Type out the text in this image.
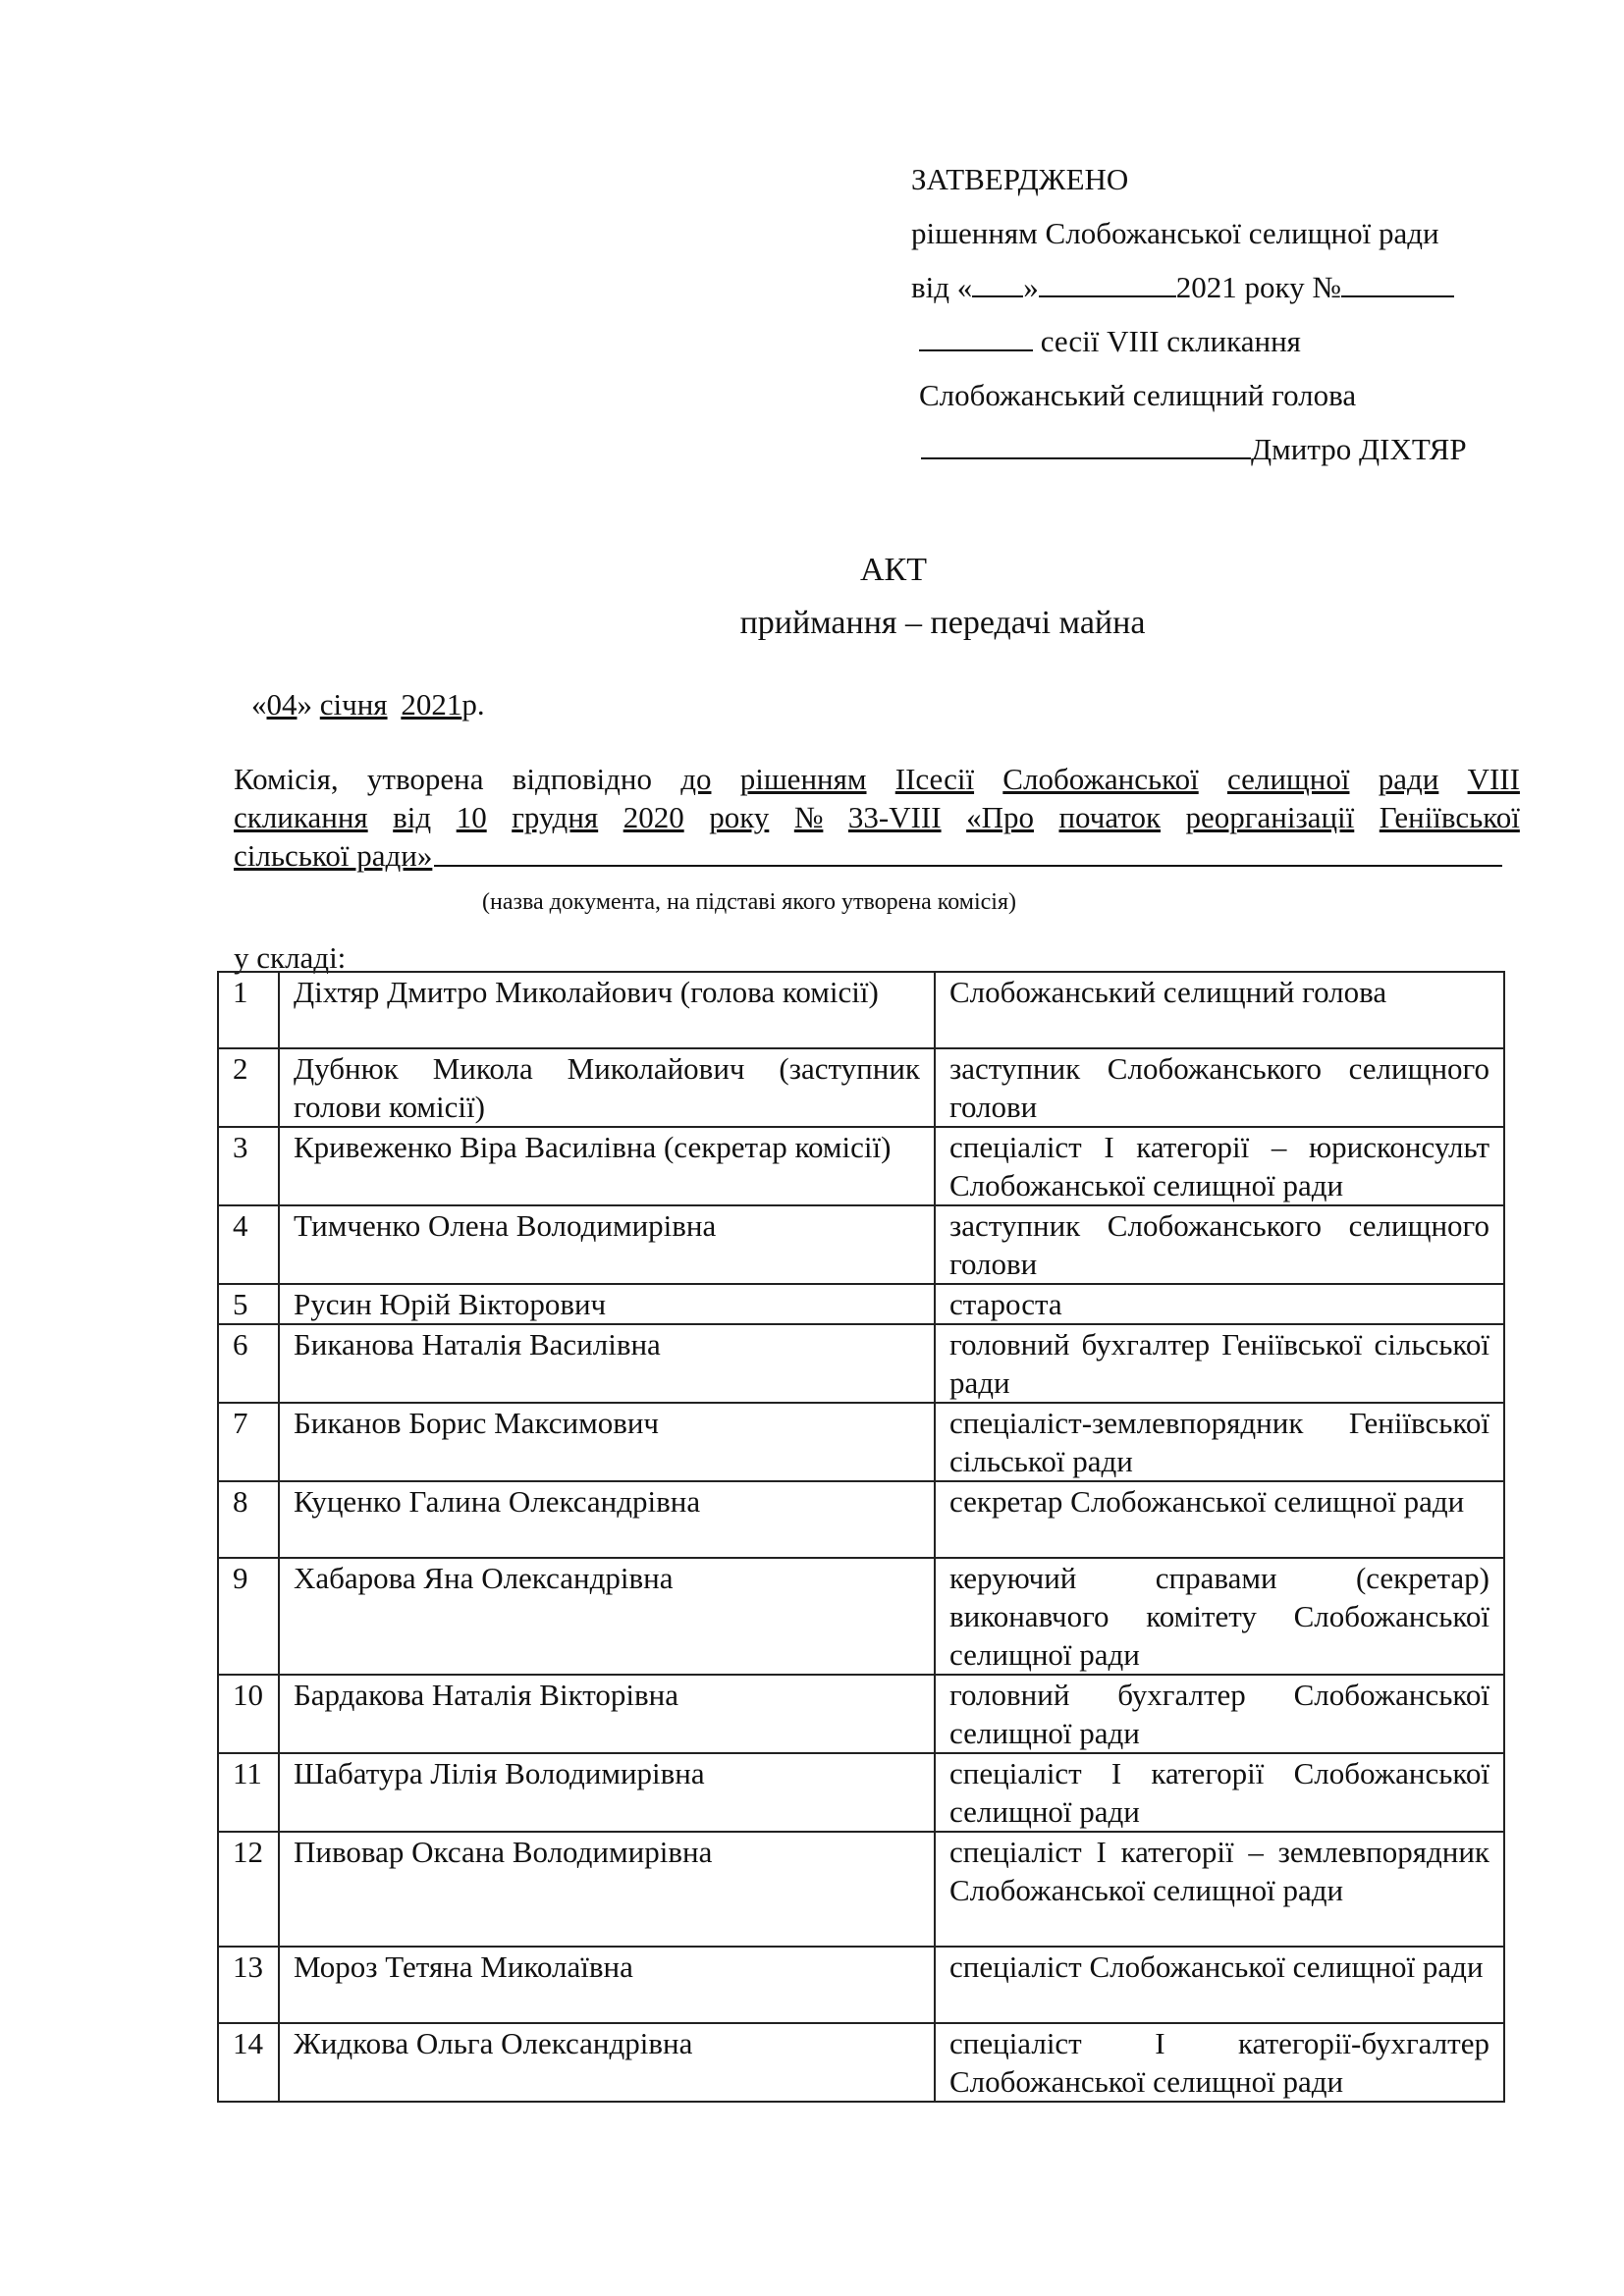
ЗАТВЕРДЖЕНО
рішенням Слобожанської селищної ради
від « »	2021 року №
сесії VIII скликання
Слобожанський селищний голова
Дмитро ДІХТЯР
АКТ
приймання – передачі майна
«04» січня 2021р.
Комісія, утворена відповідно до рішенням ІІсесії Слобожанської селищної ради VIII
скликання від 10 грудня 2020 року № 33-VIII «Про початок реорганізації Геніївської
сільської ради»
(назва документа, на підставі якого утворена комісія)
у складі:
1	Діхтяр Дмитро Миколайович (голова комісії)	Слобожанський селищний голова
2	Дубнюк Микола Миколайович (заступник голови комісії)	заступник Слобожанського селищного голови
3	Кривеженко Віра Василівна (секретар комісії)	спеціаліст І категорії – юрисконсульт Слобожанської селищної ради
4	Тимченко Олена Володимирівна	заступник Слобожанського селищного голови
5	Русин Юрій Вікторович	староста
6	Биканова Наталія Василівна	головний бухгалтер Геніївської сільської ради
7	Биканов Борис Максимович	спеціаліст-землевпорядник Геніївської сільської ради
8	Куценко Галина Олександрівна	секретар Слобожанської селищної ради
9	Хабарова Яна Олександрівна	керуючий справами (секретар) виконавчого комітету Слобожанської селищної ради
10	Бардакова Наталія Вікторівна	головний бухгалтер Слобожанської селищної ради
11	Шабатура Лілія Володимирівна	спеціаліст І категорії Слобожанської селищної ради
12	Пивовар Оксана Володимирівна	спеціаліст І категорії – землевпорядник Слобожанської селищної ради
13	Мороз Тетяна Миколаївна	спеціаліст Слобожанської селищної ради
14	Жидкова Ольга Олександрівна	спеціаліст І категорії-бухгалтер Слобожанської селищної ради
